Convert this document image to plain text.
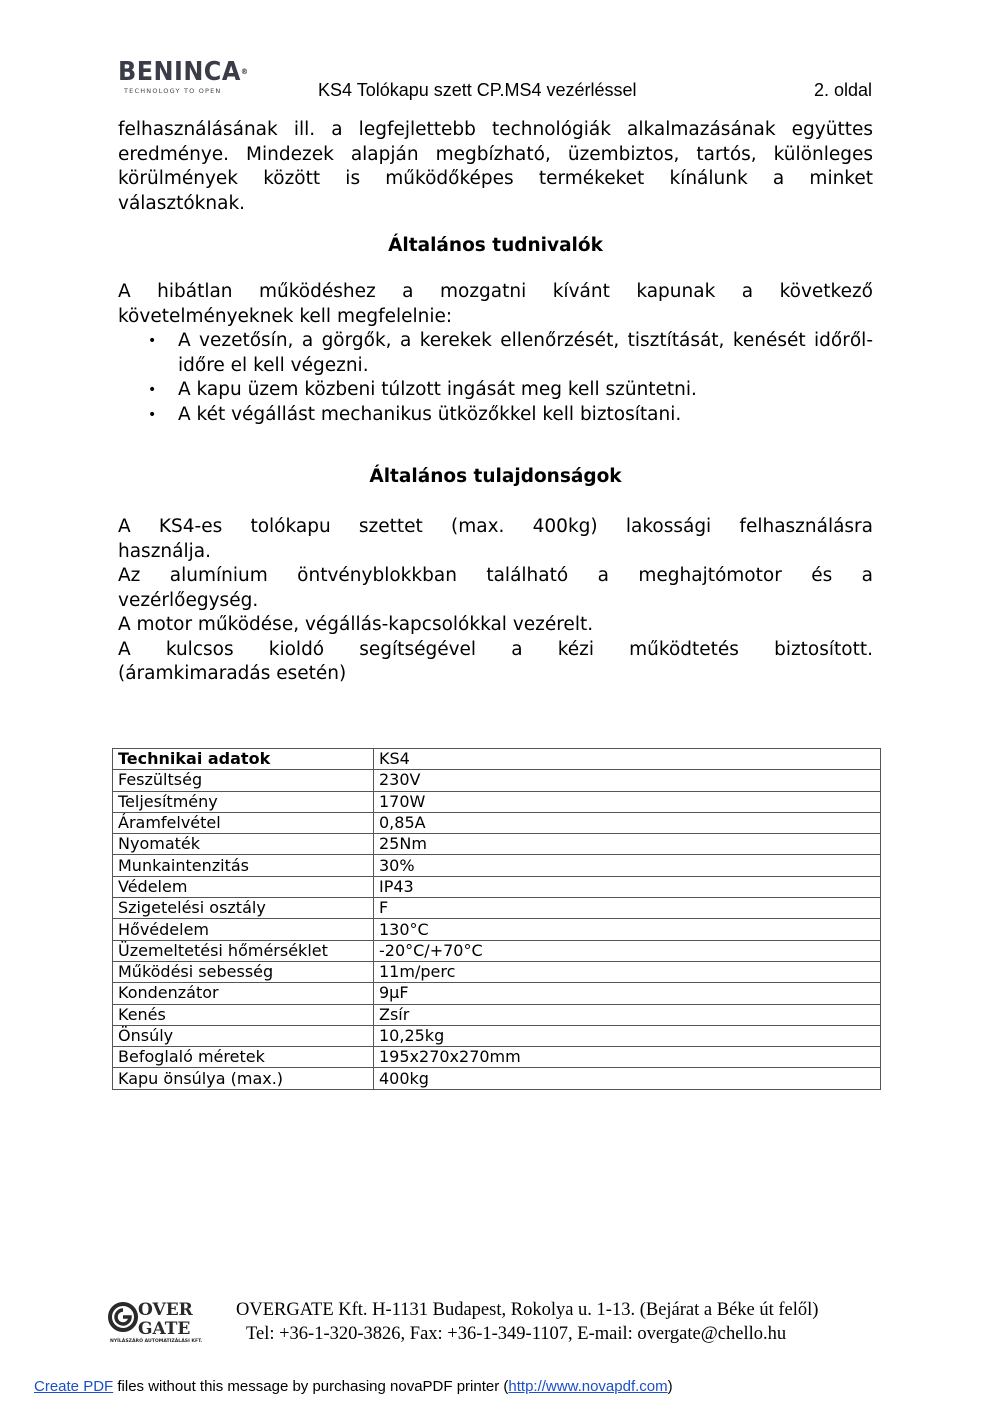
BENINCA®
TECHNOLOGY TO OPEN	KS4 Tolókapu szett CP.MS4 vezérléssel	2. oldal
felhasználásának ill. a legfejlettebb technológiák alkalmazásának együttes
eredménye. Mindezek alapján megbízható, üzembiztos, tartós, különleges
körülmények között is működőképes termékeket kínálunk a minket
választóknak.
Általános tudnivalók
A hibátlan működéshez a mozgatni kívánt kapunak a következő
követelményeknek kell megfelelnie:
• A vezetősín, a görgők, a kerekek ellenőrzését, tisztítását, kenését időről-időre el kell végezni.
• A kapu üzem közbeni túlzott ingását meg kell szüntetni.
• A két végállást mechanikus ütközőkkel kell biztosítani.
Általános tulajdonságok
A KS4-es tolókapu szettet (max. 400kg) lakossági felhasználásra
használja.
Az alumínium öntvényblokkban található a meghajtómotor és a
vezérlőegység.
A motor működése, végállás-kapcsolókkal vezérelt.
A kulcsos kioldó segítségével a kézi működtetés biztosított.
(áramkimaradás esetén)
Technikai adatok	KS4
Feszültség	230V
Teljesítmény	170W
Áramfelvétel	0,85A
Nyomaték	25Nm
Munkaintenzitás	30%
Védelem	IP43
Szigetelési osztály	F
Hővédelem	130°C
Üzemeltetési hőmérséklet	-20°C/+70°C
Működési sebesség	11m/perc
Kondenzátor	9μF
Kenés	Zsír
Önsúly	10,25kg
Befoglaló méretek	195x270x270mm
Kapu önsúlya (max.)	400kg
OVER
GATE
NYÍLÁSZÁRÓ AUTOMATIZÁLÁSI KFT.
OVERGATE Kft. H-1131 Budapest, Rokolya u. 1-13. (Bejárat a Béke út felől)
Tel: +36-1-320-3826, Fax: +36-1-349-1107, E-mail: overgate@chello.hu
Create PDF files without this message by purchasing novaPDF printer (http://www.novapdf.com)
